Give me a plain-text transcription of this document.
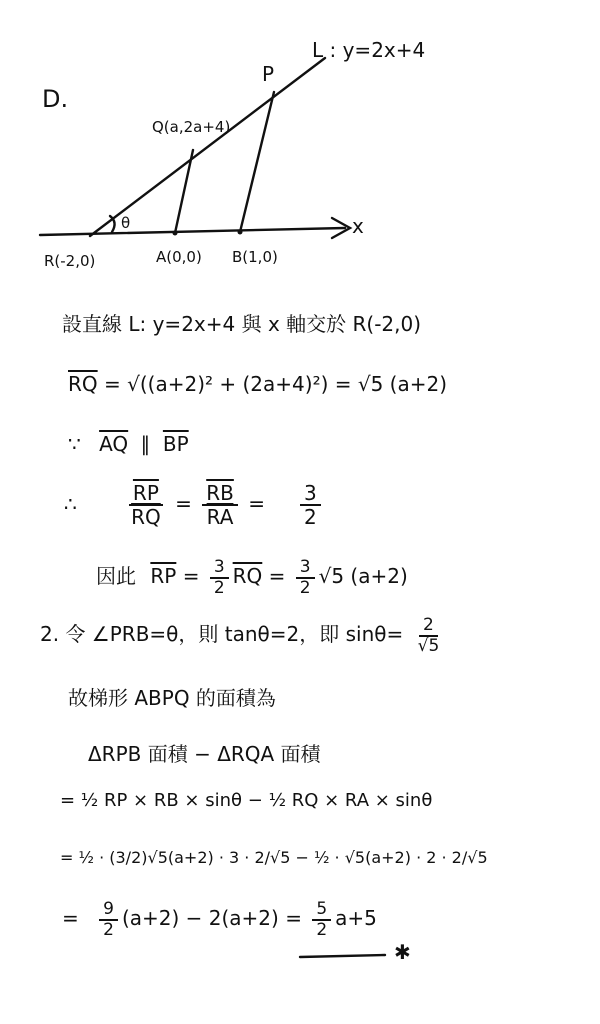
D.
L : y=2x+4
P
Q(a,2a+4)
θ	x
R(-2,0)	A(0,0) B(1,0)
設直線 L: y=2x+4 與 x 軸交於 R(-2,0)
$\overline{RQ} = √((a+2)^2 + (2a+4)^2) = √5$ (a+2)
∵ $\overline{AQ}$ ∥ $\overline{BP}$
∴	$\frac{\overline{RP}}{RQ} = \frac{\overline{RB}}{RA} = \frac{3}{2}$
因此 $\overline{RP} = \frac{3}{2} \overline{RQ} = \frac{3}{2} √5$ (a+2)
2. 令 ∠PRB=θ，則 tanθ=2，即 $\sin\theta= \frac{2}{√5}$
故梯形 ABPQ 的面積為
ΔRPB 面積 − ΔRQA 面積
= ½ RP × RB × sinθ − ½ RQ × RA × sinθ
= ½ · (3/2)√5(a+2) · 3 · 2/√5 − ½ · √5(a+2) · 2 · 2/√5
= $\frac{9}{2} (a+2) - 2(a+2) = \frac{5}{2} a+5$
✱
